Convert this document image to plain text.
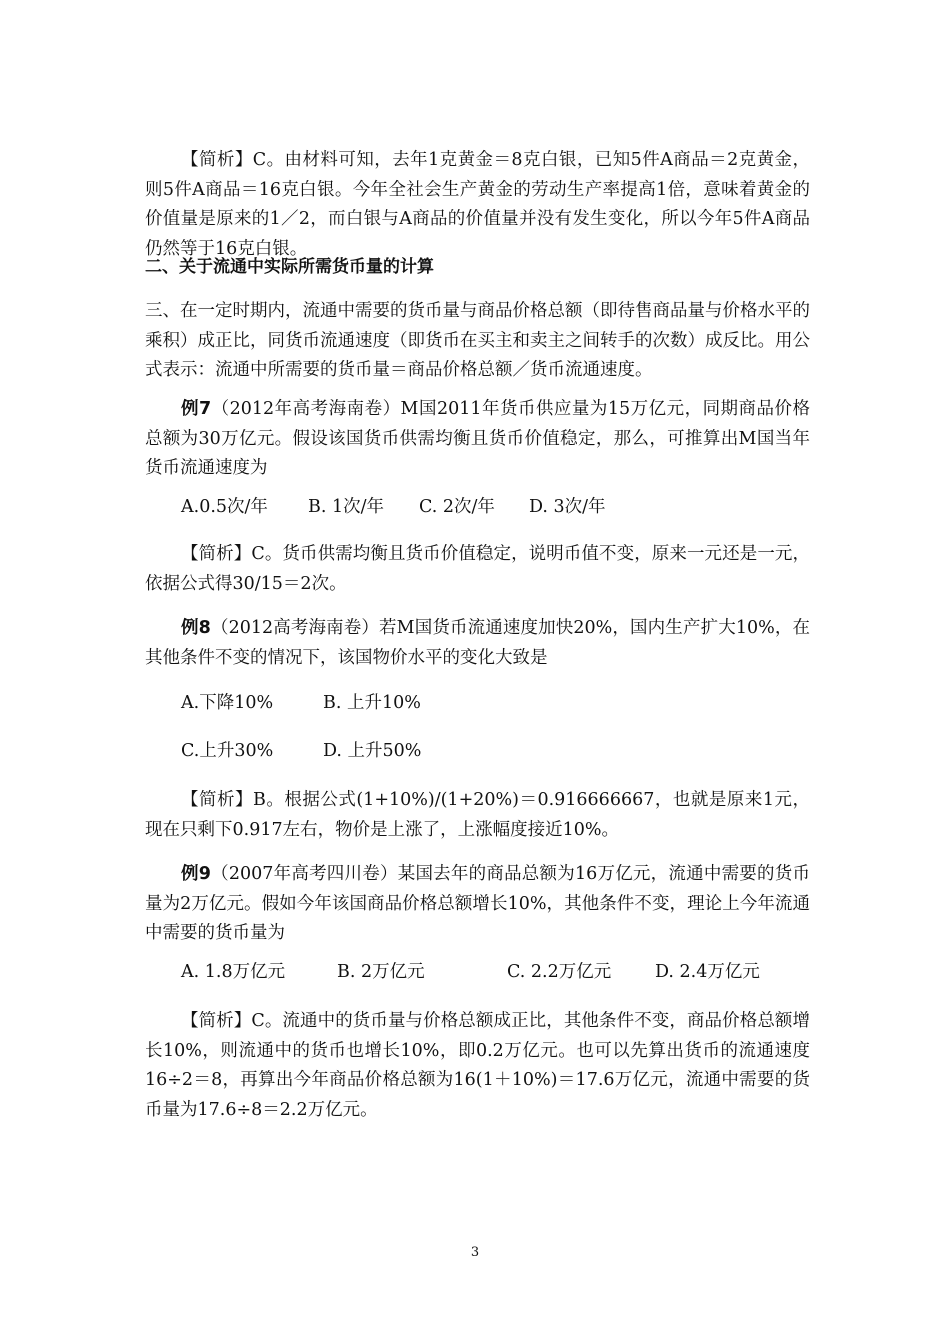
【简析】C。由材料可知，去年1克黄金＝8克白银，已知5件A商品＝2克黄金，则5件A商品＝16克白银。今年全社会生产黄金的劳动生产率提高1倍，意味着黄金的价值量是原来的1／2，而白银与A商品的价值量并没有发生变化，所以今年5件A商品仍然等于16克白银。
二、关于流通中实际所需货币量的计算
三、在一定时期内，流通中需要的货币量与商品价格总额（即待售商品量与价格水平的乘积）成正比，同货币流通速度（即货币在买主和卖主之间转手的次数）成反比。用公式表示：流通中所需要的货币量＝商品价格总额／货币流通速度。
例7（2012年高考海南卷）M国2011年货币供应量为15万亿元，同期商品价格总额为30万亿元。假设该国货币供需均衡且货币价值稳定，那么，可推算出M国当年货币流通速度为
A.0.5次/年 B. 1次/年 C. 2次/年 D. 3次/年
【简析】C。货币供需均衡且货币价值稳定，说明币值不变，原来一元还是一元，依据公式得30/15＝2次。
例8（2012高考海南卷）若M国货币流通速度加快20%，国内生产扩大10%，在其他条件不变的情况下，该国物价水平的变化大致是
A.下降10%	B. 上升10%
C.上升30%	D. 上升50%
【简析】B。根据公式(1+10%)/(1+20%)＝0.916666667，也就是原来1元，现在只剩下0.917左右，物价是上涨了，上涨幅度接近10%。
例9（2007年高考四川卷）某国去年的商品总额为16万亿元，流通中需要的货币量为2万亿元。假如今年该国商品价格总额增长10%，其他条件不变，理论上今年流通中需要的货币量为
A. 1.8万亿元	B. 2万亿元	C. 2.2万亿元	D. 2.4万亿元
【简析】C。流通中的货币量与价格总额成正比，其他条件不变，商品价格总额增长10%，则流通中的货币也增长10%，即0.2万亿元。也可以先算出货币的流通速度16÷2＝8，再算出今年商品价格总额为16(1＋10%)＝17.6万亿元，流通中需要的货币量为17.6÷8＝2.2万亿元。
3
